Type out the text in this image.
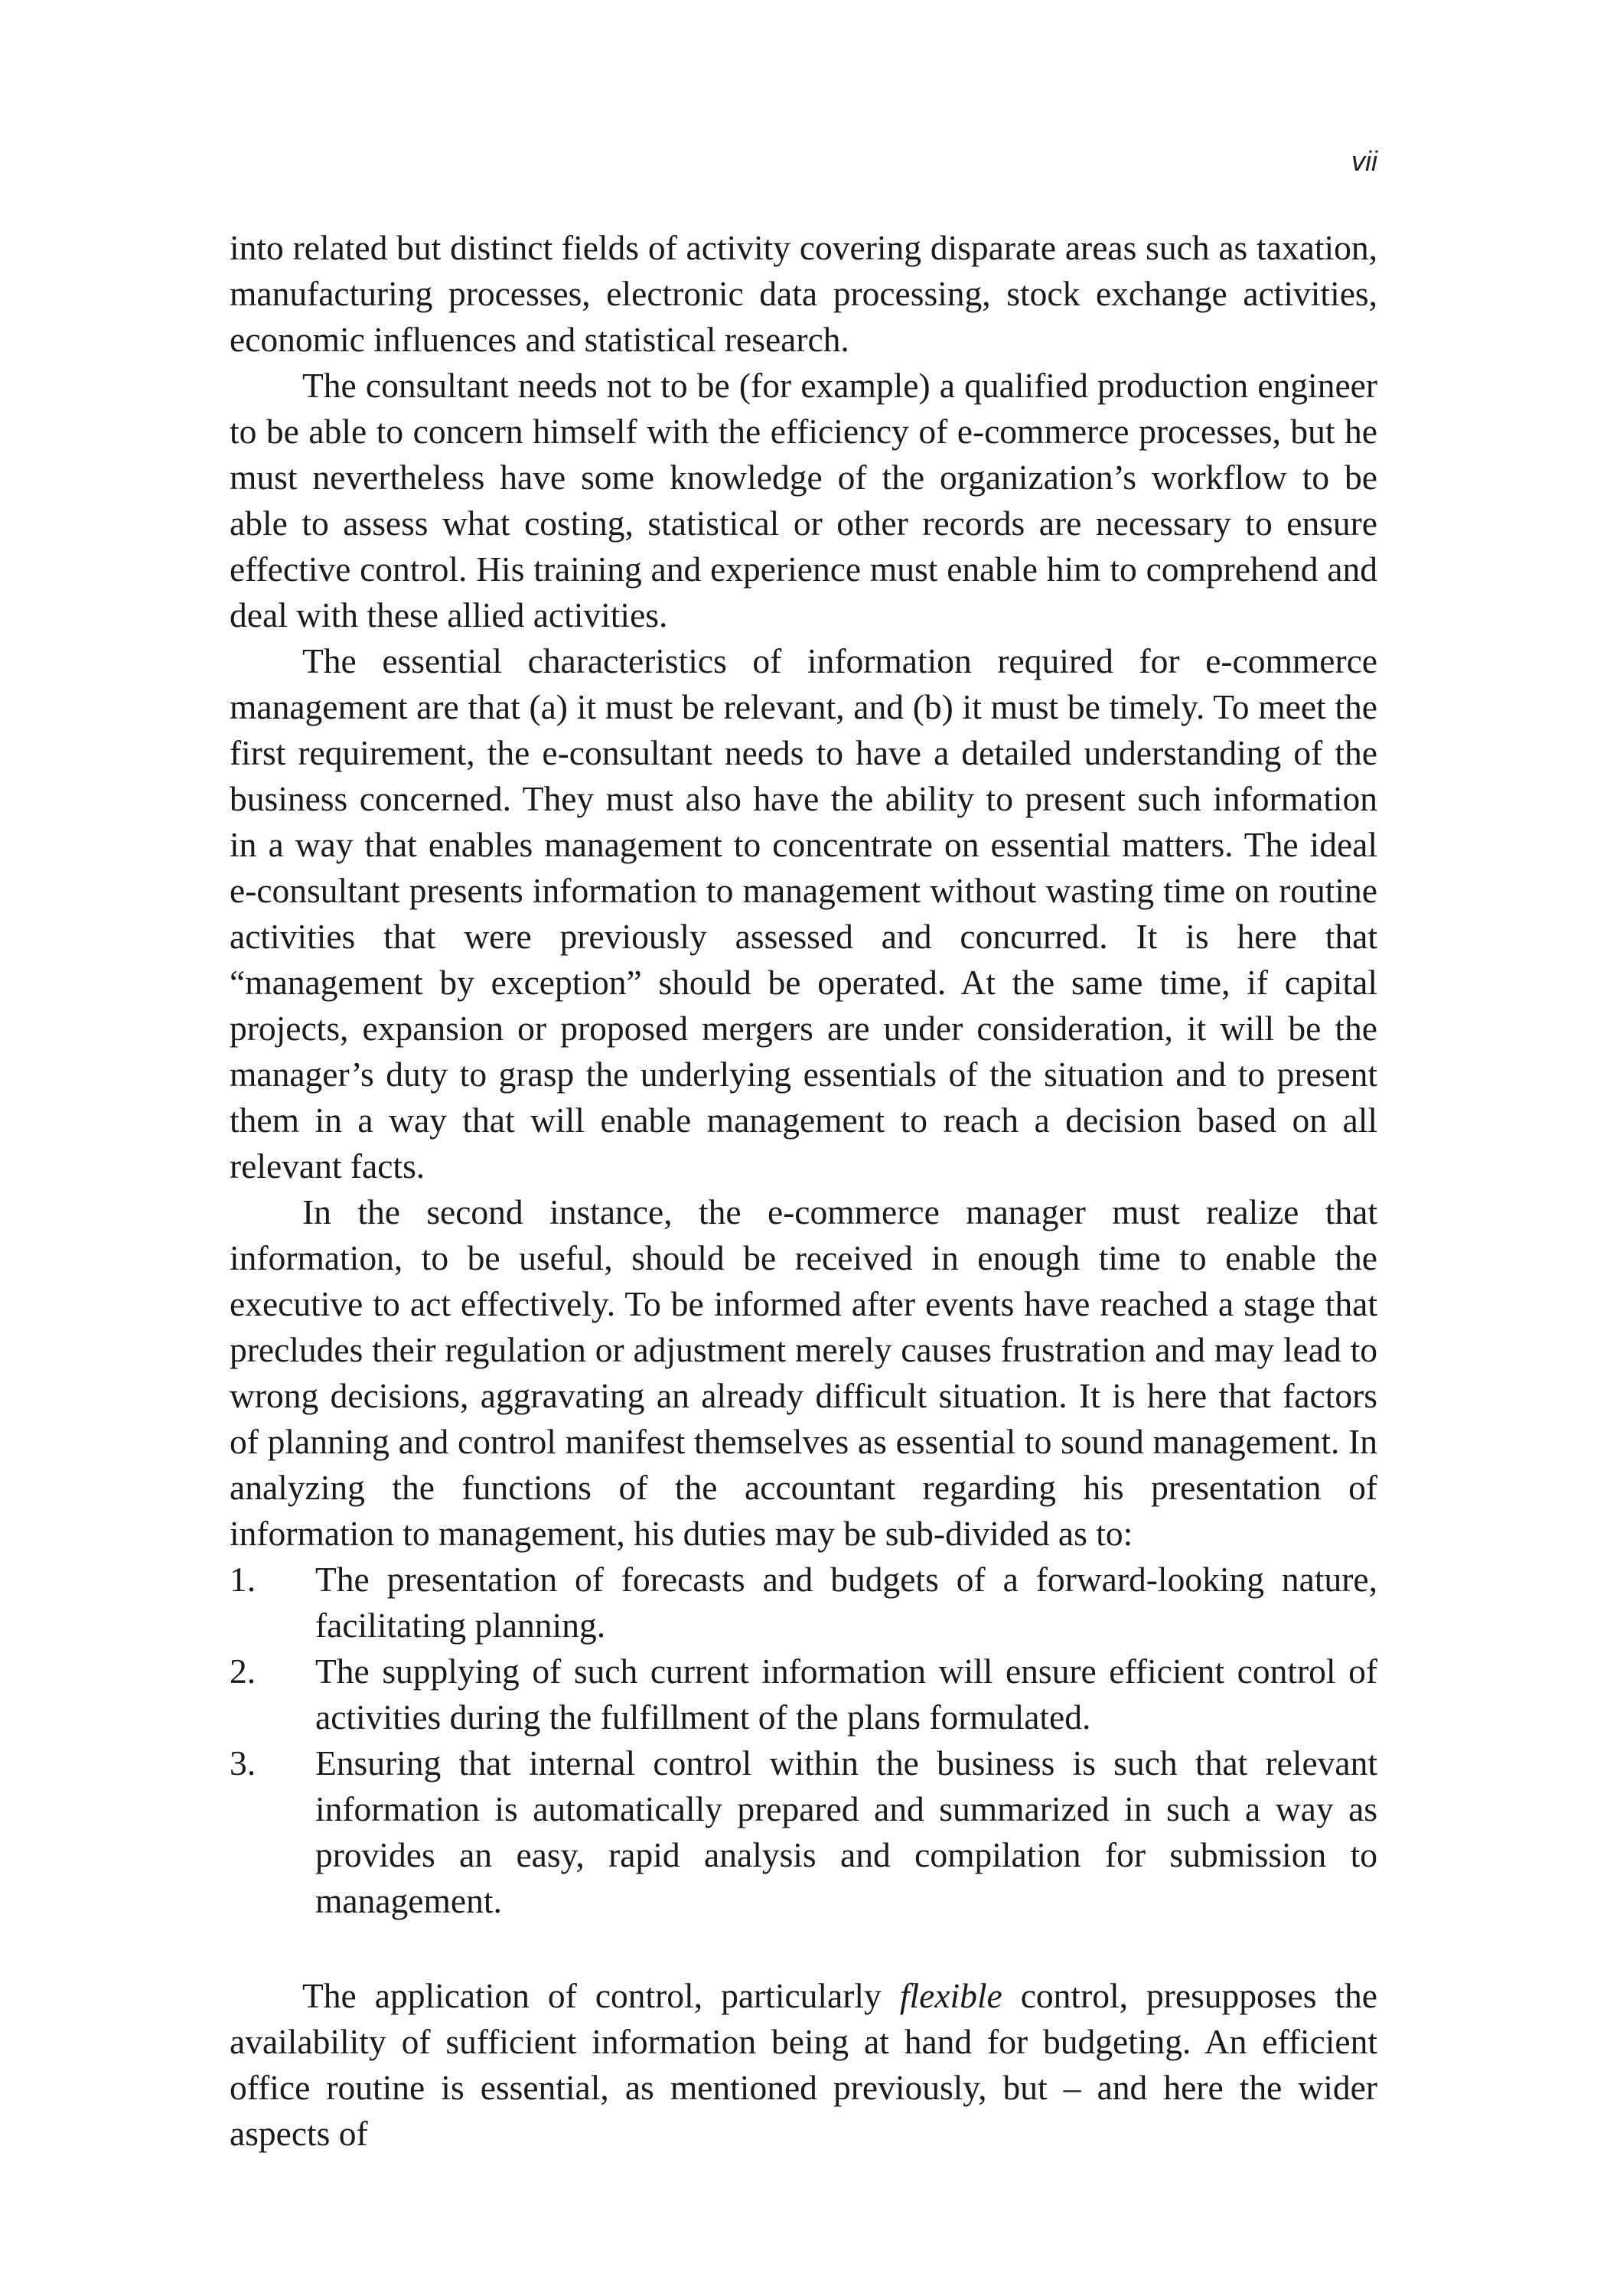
vii

into related but distinct fields of activity covering disparate areas such as taxation, manufacturing processes, electronic data processing, stock exchange activities, economic influences and statistical research.

The consultant needs not to be (for example) a qualified production engineer to be able to concern himself with the efficiency of e-commerce processes, but he must nevertheless have some knowledge of the organization’s workflow to be able to assess what costing, statistical or other records are necessary to ensure effective control. His training and experience must enable him to comprehend and deal with these allied activities.

The essential characteristics of information required for e-commerce management are that (a) it must be relevant, and (b) it must be timely. To meet the first requirement, the e-consultant needs to have a detailed understanding of the business concerned. They must also have the ability to present such information in a way that enables management to concentrate on essential matters. The ideal e-consultant presents information to management without wasting time on routine activities that were previously assessed and concurred. It is here that “management by exception” should be operated. At the same time, if capital projects, expansion or proposed mergers are under consideration, it will be the manager’s duty to grasp the underlying essentials of the situation and to present them in a way that will enable management to reach a decision based on all relevant facts.

In the second instance, the e-commerce manager must realize that information, to be useful, should be received in enough time to enable the executive to act effectively. To be informed after events have reached a stage that precludes their regulation or adjustment merely causes frustration and may lead to wrong decisions, aggravating an already difficult situation. It is here that factors of planning and control manifest themselves as essential to sound management. In analyzing the functions of the accountant regarding his presentation of information to management, his duties may be sub-divided as to:

1. The presentation of forecasts and budgets of a forward-looking nature, facilitating planning.
2. The supplying of such current information will ensure efficient control of activities during the fulfillment of the plans formulated.
3. Ensuring that internal control within the business is such that relevant information is automatically prepared and summarized in such a way as provides an easy, rapid analysis and compilation for submission to management.

The application of control, particularly flexible control, presupposes the availability of sufficient information being at hand for budgeting. An efficient office routine is essential, as mentioned previously, but – and here the wider aspects of
